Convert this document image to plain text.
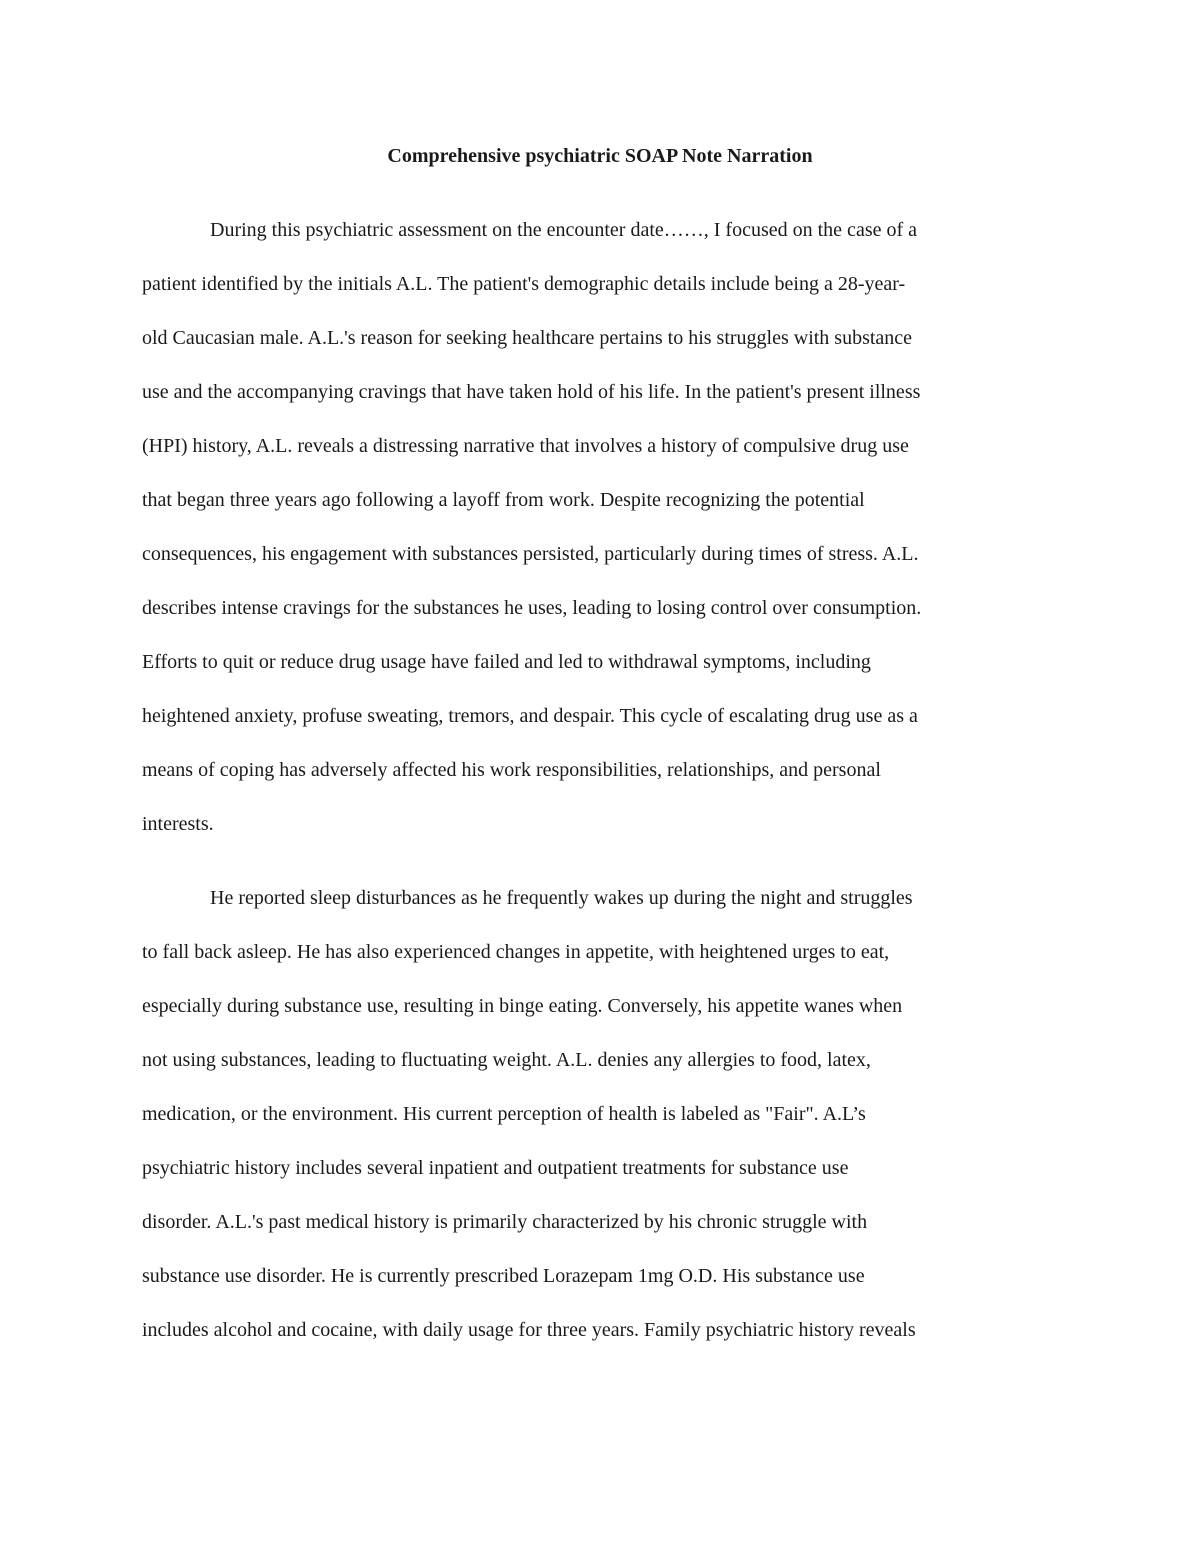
Comprehensive psychiatric SOAP Note Narration
During this psychiatric assessment on the encounter date……, I focused on the case of a
patient identified by the initials A.L. The patient's demographic details include being a 28-year-
old Caucasian male. A.L.'s reason for seeking healthcare pertains to his struggles with substance
use and the accompanying cravings that have taken hold of his life. In the patient's present illness
(HPI) history, A.L. reveals a distressing narrative that involves a history of compulsive drug use
that began three years ago following a layoff from work. Despite recognizing the potential
consequences, his engagement with substances persisted, particularly during times of stress. A.L.
describes intense cravings for the substances he uses, leading to losing control over consumption.
Efforts to quit or reduce drug usage have failed and led to withdrawal symptoms, including
heightened anxiety, profuse sweating, tremors, and despair. This cycle of escalating drug use as a
means of coping has adversely affected his work responsibilities, relationships, and personal
interests.
He reported sleep disturbances as he frequently wakes up during the night and struggles
to fall back asleep. He has also experienced changes in appetite, with heightened urges to eat,
especially during substance use, resulting in binge eating. Conversely, his appetite wanes when
not using substances, leading to fluctuating weight. A.L. denies any allergies to food, latex,
medication, or the environment. His current perception of health is labeled as "Fair". A.L’s
psychiatric history includes several inpatient and outpatient treatments for substance use
disorder. A.L.'s past medical history is primarily characterized by his chronic struggle with
substance use disorder. He is currently prescribed Lorazepam 1mg O.D. His substance use
includes alcohol and cocaine, with daily usage for three years. Family psychiatric history reveals
